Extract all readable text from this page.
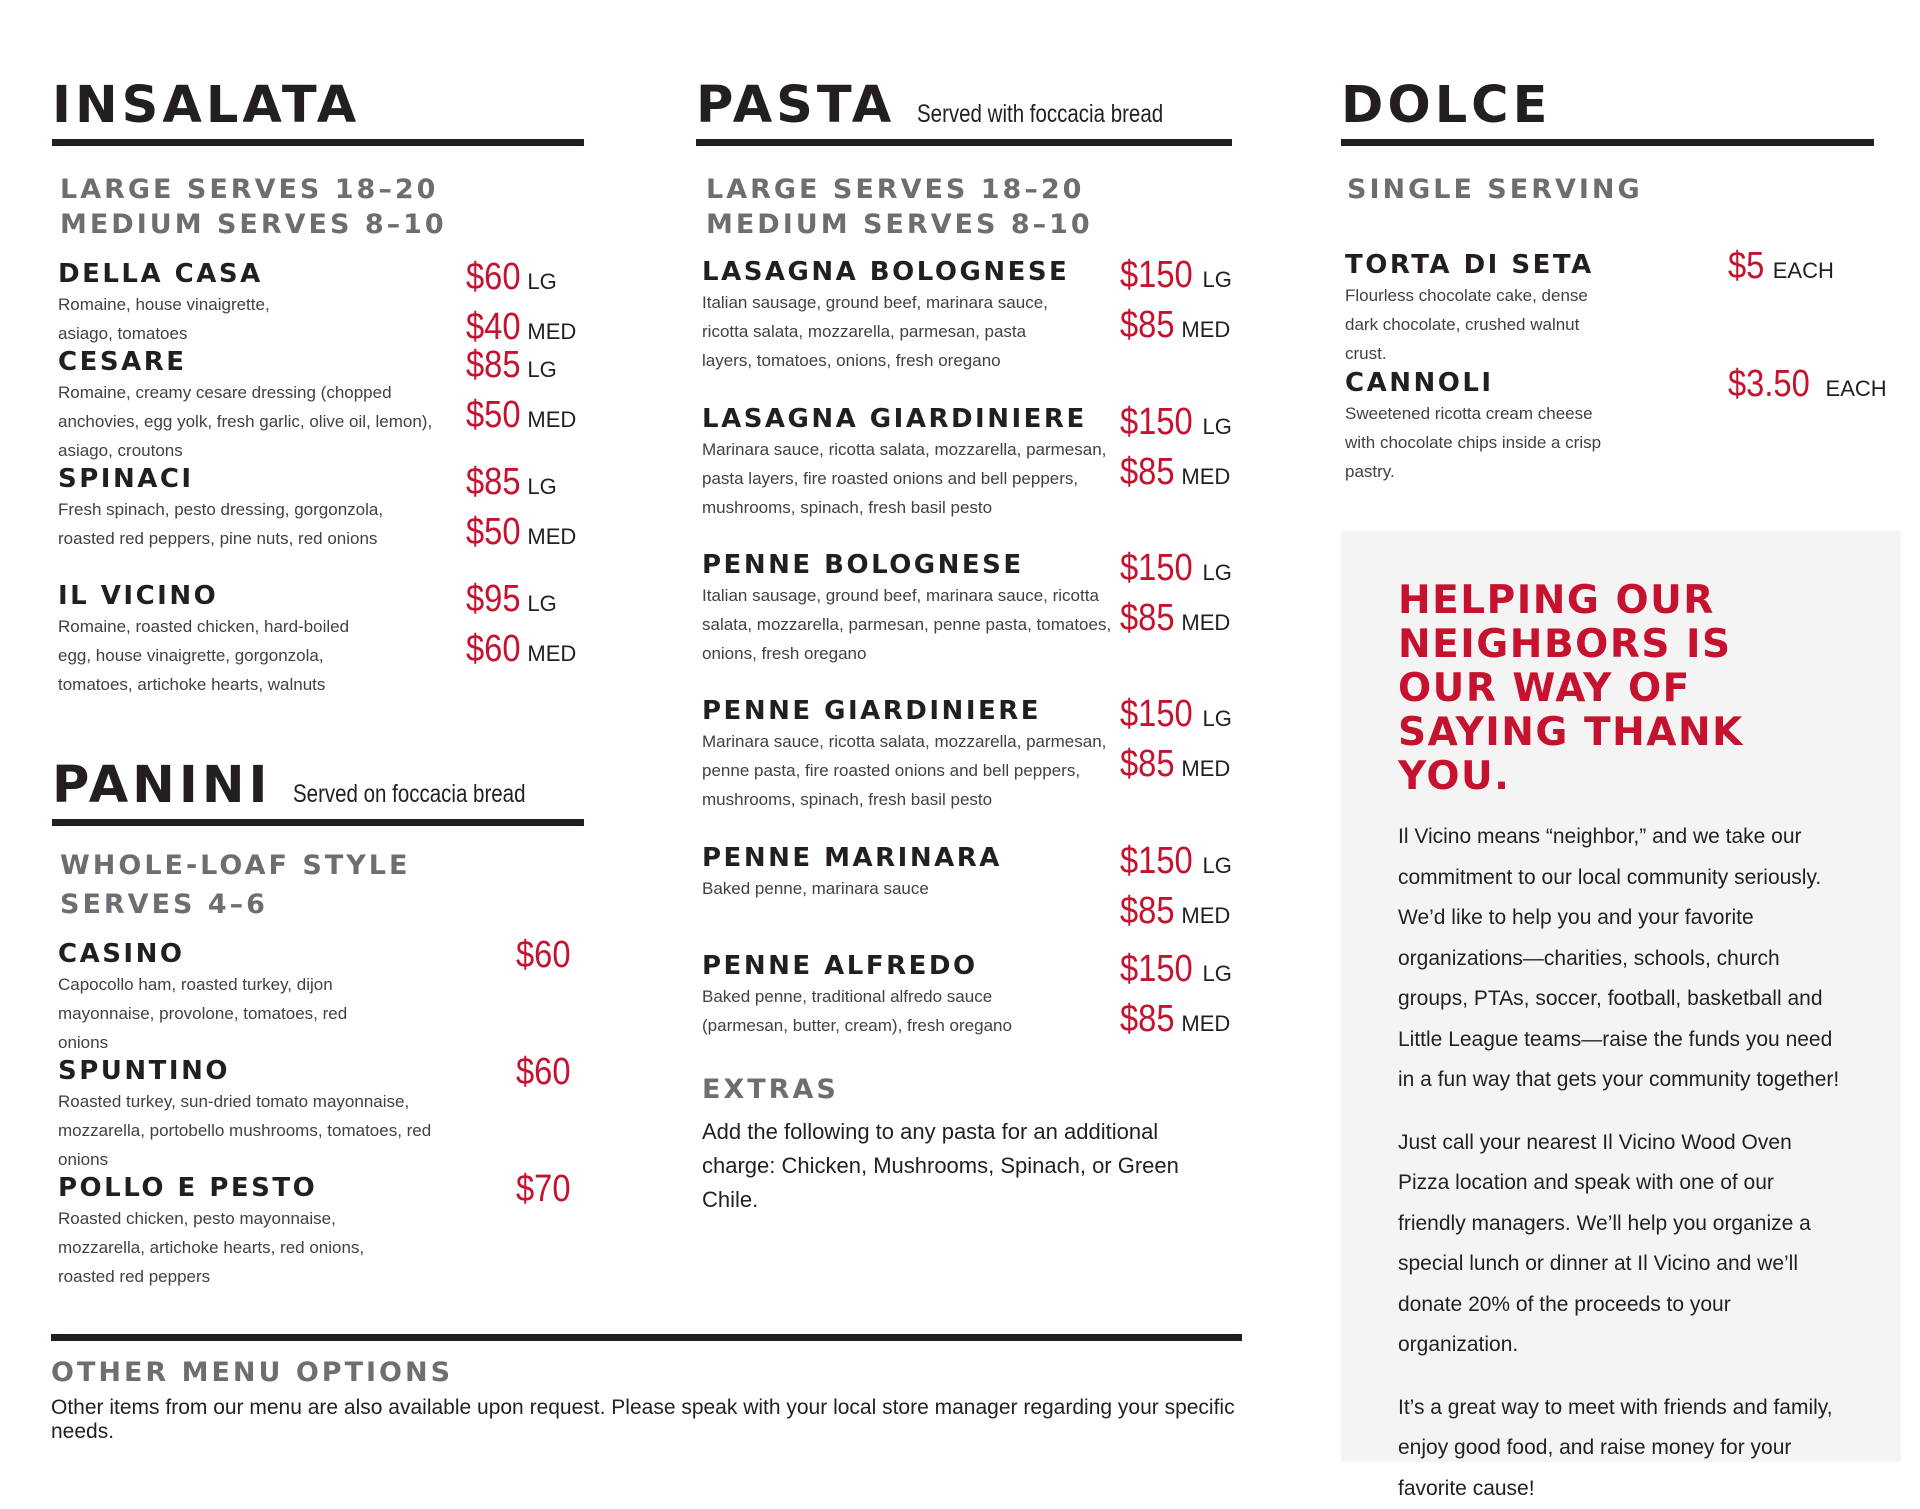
INSALATA
LARGE SERVES 18–20
MEDIUM SERVES 8–10
DELLA CASA
Romaine, house vinaigrette, asiago, tomatoes
$60 LG
$40 MED
CESARE
Romaine, creamy cesare dressing (chopped anchovies, egg yolk, fresh garlic, olive oil, lemon), asiago, croutons
$85 LG
$50 MED
SPINACI
Fresh spinach, pesto dressing, gorgonzola, roasted red peppers, pine nuts, red onions
$85 LG
$50 MED
IL VICINO
Romaine, roasted chicken, hard-boiled egg, house vinaigrette, gorgonzola, tomatoes, artichoke hearts, walnuts
$95 LG
$60 MED
PANINI Served on foccacia bread
WHOLE-LOAF STYLE
SERVES 4–6
CASINO
Capocollo ham, roasted turkey, dijon mayonnaise, provolone, tomatoes, red onions
$60
SPUNTINO
Roasted turkey, sun-dried tomato mayonnaise, mozzarella, portobello mushrooms, tomatoes, red onions
$60
POLLO E PESTO
Roasted chicken, pesto mayonnaise, mozzarella, artichoke hearts, red onions, roasted red peppers
$70
PASTA Served with foccacia bread
LARGE SERVES 18–20
MEDIUM SERVES 8–10
LASAGNA BOLOGNESE
Italian sausage, ground beef, marinara sauce, ricotta salata, mozzarella, parmesan, pasta layers, tomatoes, onions, fresh oregano
$150 LG
$85 MED
LASAGNA GIARDINIERE
Marinara sauce, ricotta salata, mozzarella, parmesan, pasta layers, fire roasted onions and bell peppers, mushrooms, spinach, fresh basil pesto
$150 LG
$85 MED
PENNE BOLOGNESE
Italian sausage, ground beef, marinara sauce, ricotta salata, mozzarella, parmesan, penne pasta, tomatoes, onions, fresh oregano
$150 LG
$85 MED
PENNE GIARDINIERE
Marinara sauce, ricotta salata, mozzarella, parmesan, penne pasta, fire roasted onions and bell peppers, mushrooms, spinach, fresh basil pesto
$150 LG
$85 MED
PENNE MARINARA
Baked penne, marinara sauce
$150 LG
$85 MED
PENNE ALFREDO
Baked penne, traditional alfredo sauce (parmesan, butter, cream), fresh oregano
$150 LG
$85 MED
EXTRAS
Add the following to any pasta for an additional charge: Chicken, Mushrooms, Spinach, or Green Chile.
DOLCE
SINGLE SERVING
TORTA DI SETA
Flourless chocolate cake, dense dark chocolate, crushed walnut crust.
$5 EACH
CANNOLI
Sweetened ricotta cream cheese with chocolate chips inside a crisp pastry.
$3.50 EACH
HELPING OUR NEIGHBORS IS OUR WAY OF SAYING THANK YOU.

Il Vicino means “neighbor,” and we take our commitment to our local community seriously. We’d like to help you and your favorite organizations—charities, schools, church groups, PTAs, soccer, football, basketball and Little League teams—raise the funds you need in a fun way that gets your community together!

Just call your nearest Il Vicino Wood Oven Pizza location and speak with one of our friendly managers. We’ll help you organize a special lunch or dinner at Il Vicino and we’ll donate 20% of the proceeds to your organization.

It’s a great way to meet with friends and family, enjoy good food, and raise money for your favorite cause!

OTHER MENU OPTIONS
Other items from our menu are also available upon request. Please speak with your local store manager regarding your specific needs.
